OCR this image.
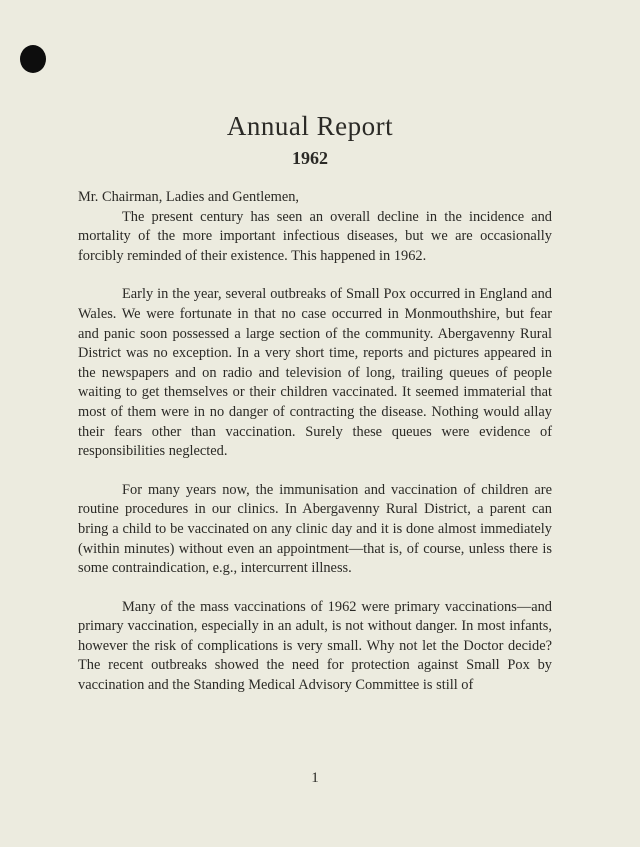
Annual Report
1962

Mr. Chairman, Ladies and Gentlemen,

The present century has seen an overall decline in the incidence and mortality of the more important infectious diseases, but we are occasionally forcibly reminded of their existence. This happened in 1962.

Early in the year, several outbreaks of Small Pox occurred in England and Wales. We were fortunate in that no case occurred in Monmouthshire, but fear and panic soon possessed a large section of the community. Abergavenny Rural District was no exception. In a very short time, reports and pictures appeared in the newspapers and on radio and television of long, trailing queues of people waiting to get themselves or their children vaccinated. It seemed immaterial that most of them were in no danger of contracting the disease. Nothing would allay their fears other than vaccination. Surely these queues were evidence of responsibilities neglected.

For many years now, the immunisation and vaccination of children are routine procedures in our clinics. In Abergavenny Rural District, a parent can bring a child to be vaccinated on any clinic day and it is done almost immediately (within minutes) without even an appointment—that is, of course, unless there is some contraindication, e.g., intercurrent illness.

Many of the mass vaccinations of 1962 were primary vaccinations—and primary vaccination, especially in an adult, is not without danger. In most infants, however the risk of complications is very small. Why not let the Doctor decide? The recent outbreaks showed the need for protection against Small Pox by vaccination and the Standing Medical Advisory Committee is still of

1
